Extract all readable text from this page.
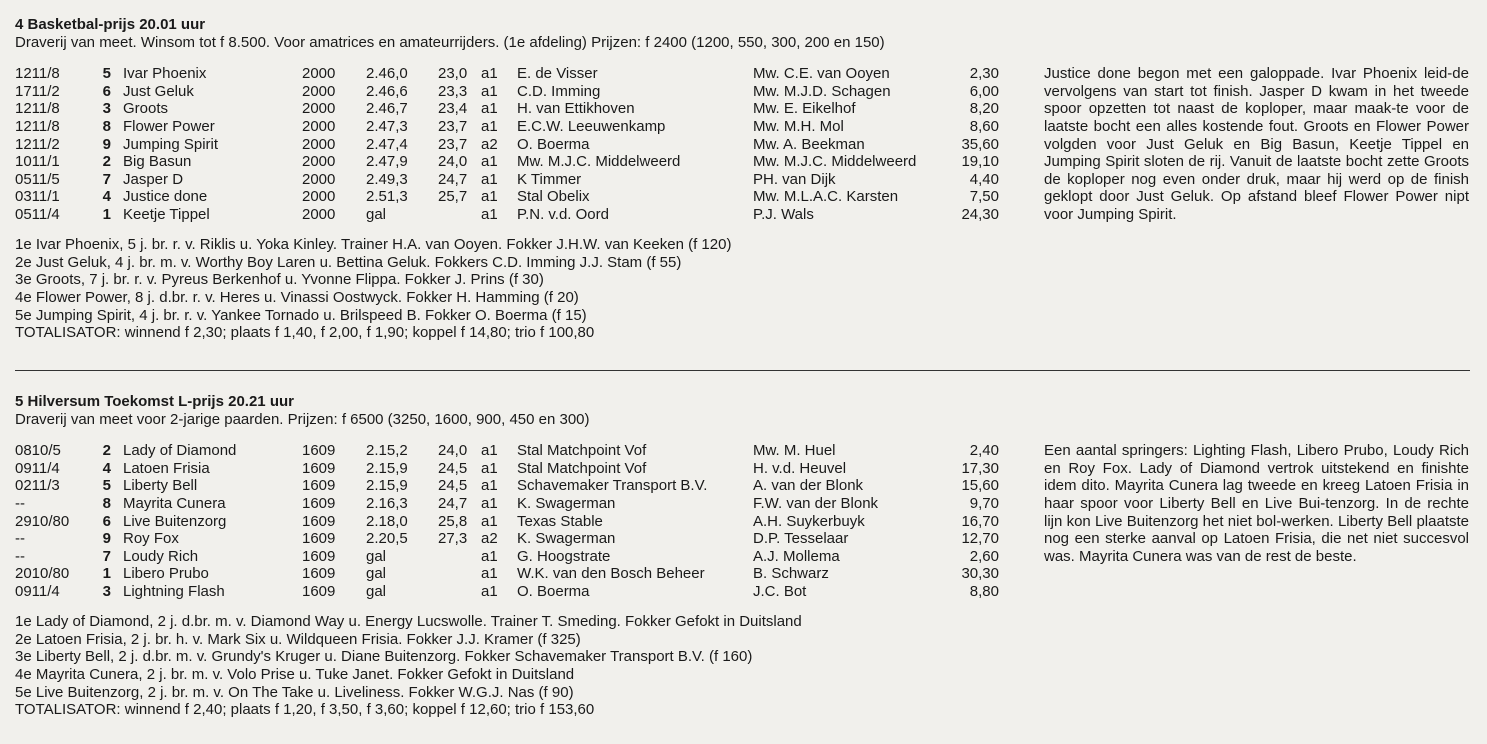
4 Basketbal-prijs 20.01 uur
Draverij van meet. Winsom tot f 8.500. Voor amatrices en amateurrijders. (1e afdeling) Prijzen: f 2400 (1200, 550, 300, 200 en 150)
1211/8	5 Ivar Phoenix	2000 2.46,0 23,0 a1 E. de Visser	Mw. C.E. van Ooyen	2,30
1711/2	6 Just Geluk	2000 2.46,6 23,3 a1 C.D. Imming	Mw. M.J.D. Schagen	6,00
1211/8	3 Groots	2000 2.46,7 23,4 a1 H. van Ettikhoven	Mw. E. Eikelhof	8,20
1211/8	8 Flower Power	2000 2.47,3 23,7 a1 E.C.W. Leeuwenkamp	Mw. M.H. Mol	8,60
1211/2	9 Jumping Spirit	2000 2.47,4 23,7 a2 O. Boerma	Mw. A. Beekman	35,60
1011/1	2 Big Basun	2000 2.47,9 24,0 a1 Mw. M.J.C. Middelweerd	Mw. M.J.C. Middelweerd	19,10
0511/5	7 Jasper D	2000 2.49,3 24,7 a1 K Timmer	PH. van Dijk	4,40
0311/1	4 Justice done	2000 2.51,3 25,7 a1 Stal Obelix	Mw. M.L.A.C. Karsten	7,50
0511/4	1 Keetje Tippel	2000 gal	a1 P.N. v.d. Oord	P.J. Wals	24,30
Justice done begon met een galoppade. Ivar Phoenix leid-de vervolgens van start tot finish. Jasper D kwam in het tweede spoor opzetten tot naast de koploper, maar maak-te voor de laatste bocht een alles kostende fout. Groots en Flower Power volgden voor Just Geluk en Big Basun, Keetje Tippel en Jumping Spirit sloten de rij. Vanuit de laatste bocht zette Groots de koploper nog even onder druk, maar hij werd op de finish geklopt door Just Geluk. Op afstand bleef Flower Power nipt voor Jumping Spirit.
1e Ivar Phoenix, 5 j. br. r. v. Riklis u. Yoka Kinley. Trainer H.A. van Ooyen. Fokker J.H.W. van Keeken (f 120)
2e Just Geluk, 4 j. br. m. v. Worthy Boy Laren u. Bettina Geluk. Fokkers C.D. Imming J.J. Stam (f 55)
3e Groots, 7 j. br. r. v. Pyreus Berkenhof u. Yvonne Flippa. Fokker J. Prins (f 30)
4e Flower Power, 8 j. d.br. r. v. Heres u. Vinassi Oostwyck. Fokker H. Hamming (f 20)
5e Jumping Spirit, 4 j. br. r. v. Yankee Tornado u. Brilspeed B. Fokker O. Boerma (f 15)
TOTALISATOR: winnend f 2,30; plaats f 1,40, f 2,00, f 1,90; koppel f 14,80; trio f 100,80
5 Hilversum Toekomst L-prijs 20.21 uur
Draverij van meet voor 2-jarige paarden. Prijzen: f 6500 (3250, 1600, 900, 450 en 300)
0810/5	2 Lady of Diamond	1609 2.15,2 24,0 a1 Stal Matchpoint Vof	Mw. M. Huel	2,40
0911/4	4 Latoen Frisia	1609 2.15,9 24,5 a1 Stal Matchpoint Vof	H. v.d. Heuvel	17,30
0211/3	5 Liberty Bell	1609 2.15,9 24,5 a1 Schavemaker Transport B.V.	A. van der Blonk	15,60
--	8 Mayrita Cunera	1609 2.16,3 24,7 a1 K. Swagerman	F.W. van der Blonk	9,70
2910/80	6 Live Buitenzorg	1609 2.18,0 25,8 a1 Texas Stable	A.H. Suykerbuyk	16,70
--	9 Roy Fox	1609 2.20,5 27,3 a2 K. Swagerman	D.P. Tesselaar	12,70
--	7 Loudy Rich	1609 gal	a1 G. Hoogstrate	A.J. Mollema	2,60
2010/80	1 Libero Prubo	1609 gal	a1 W.K. van den Bosch Beheer	B. Schwarz	30,30
0911/4	3 Lightning Flash	1609 gal	a1 O. Boerma	J.C. Bot	8,80
Een aantal springers: Lighting Flash, Libero Prubo, Loudy Rich en Roy Fox. Lady of Diamond vertrok uitstekend en finishte idem dito. Mayrita Cunera lag tweede en kreeg Latoen Frisia in haar spoor voor Liberty Bell en Live Bui-tenzorg. In de rechte lijn kon Live Buitenzorg het niet bol-werken. Liberty Bell plaatste nog een sterke aanval op Latoen Frisia, die net niet succesvol was. Mayrita Cunera was van de rest de beste.
1e Lady of Diamond, 2 j. d.br. m. v. Diamond Way u. Energy Lucswolle. Trainer T. Smeding. Fokker Gefokt in Duitsland
2e Latoen Frisia, 2 j. br. h. v. Mark Six u. Wildqueen Frisia. Fokker J.J. Kramer (f 325)
3e Liberty Bell, 2 j. d.br. m. v. Grundy's Kruger u. Diane Buitenzorg. Fokker Schavemaker Transport B.V. (f 160)
4e Mayrita Cunera, 2 j. br. m. v. Volo Prise u. Tuke Janet. Fokker Gefokt in Duitsland
5e Live Buitenzorg, 2 j. br. m. v. On The Take u. Liveliness. Fokker W.G.J. Nas (f 90)
TOTALISATOR: winnend f 2,40; plaats f 1,20, f 3,50, f 3,60; koppel f 12,60; trio f 153,60
